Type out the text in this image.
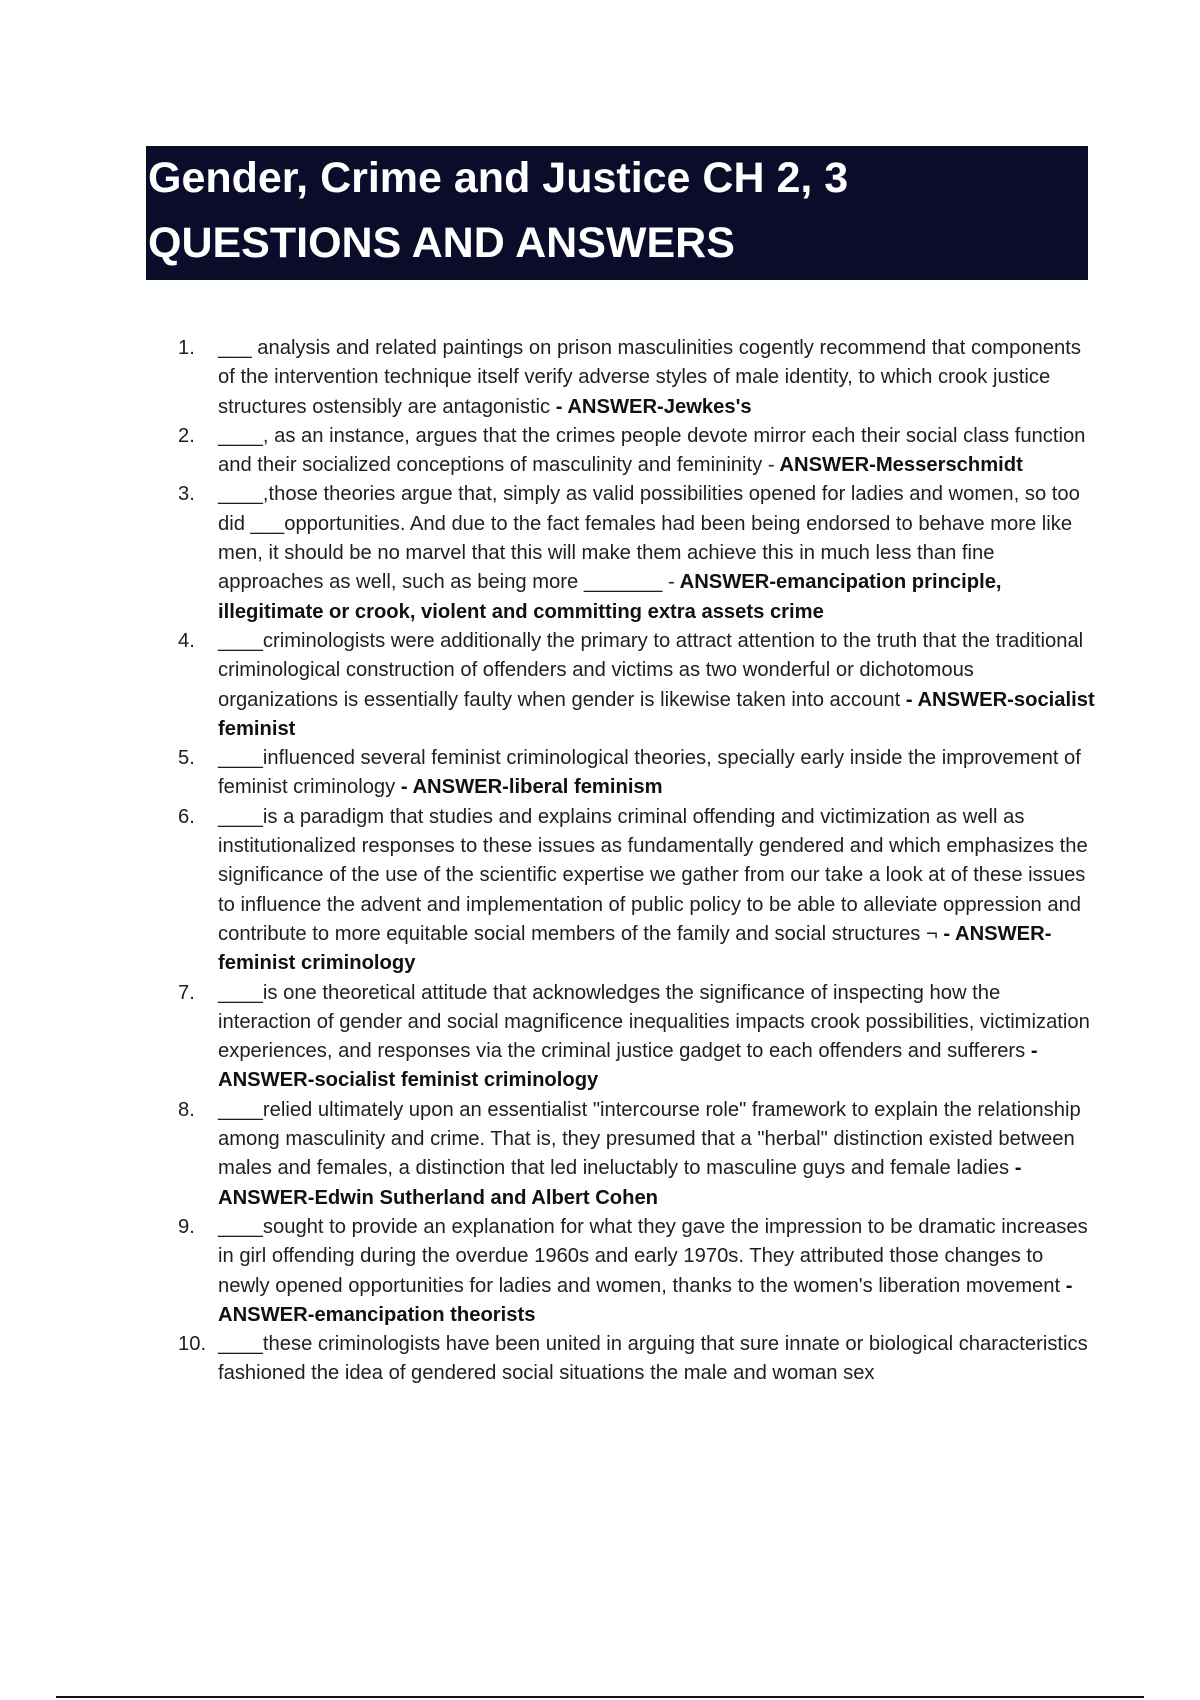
Gender, Crime and Justice CH 2, 3
QUESTIONS AND ANSWERS
1.	___ analysis and related paintings on prison masculinities cogently recommend that components of the intervention technique itself verify adverse styles of male identity, to which crook justice structures ostensibly are antagonistic - ANSWER-Jewkes's
2.	____, as an instance, argues that the crimes people devote mirror each their social class function and their socialized conceptions of masculinity and femininity - ANSWER-Messerschmidt
3.	____,those theories argue that, simply as valid possibilities opened for ladies and women, so too did ___opportunities. And due to the fact females had been being endorsed to behave more like men, it should be no marvel that this will make them achieve this in much less than fine approaches as well, such as being more _______ - ANSWER-emancipation principle, illegitimate or crook, violent and committing extra assets crime
4.	____criminologists were additionally the primary to attract attention to the truth that the traditional criminological construction of offenders and victims as two wonderful or dichotomous organizations is essentially faulty when gender is likewise taken into account - ANSWER-socialist feminist
5.	____influenced several feminist criminological theories, specially early inside the improvement of feminist criminology - ANSWER-liberal feminism
6.	____is a paradigm that studies and explains criminal offending and victimization as well as institutionalized responses to these issues as fundamentally gendered and which emphasizes the significance of the use of the scientific expertise we gather from our take a look at of these issues to influence the advent and implementation of public policy to be able to alleviate oppression and contribute to more equitable social members of the family and social structures ¬ - ANSWER-feminist criminology
7.	____is one theoretical attitude that acknowledges the significance of inspecting how the interaction of gender and social magnificence inequalities impacts crook possibilities, victimization experiences, and responses via the criminal justice gadget to each offenders and sufferers - ANSWER-socialist feminist criminology
8.	____relied ultimately upon an essentialist "intercourse role" framework to explain the relationship among masculinity and crime. That is, they presumed that a "herbal" distinction existed between males and females, a distinction that led ineluctably to masculine guys and female ladies - ANSWER-Edwin Sutherland and Albert Cohen
9.	____sought to provide an explanation for what they gave the impression to be dramatic increases in girl offending during the overdue 1960s and early 1970s. They attributed those changes to newly opened opportunities for ladies and women, thanks to the women's liberation movement - ANSWER-emancipation theorists
10. ____these criminologists have been united in arguing that sure innate or biological characteristics fashioned the idea of gendered social situations the male and woman sex
